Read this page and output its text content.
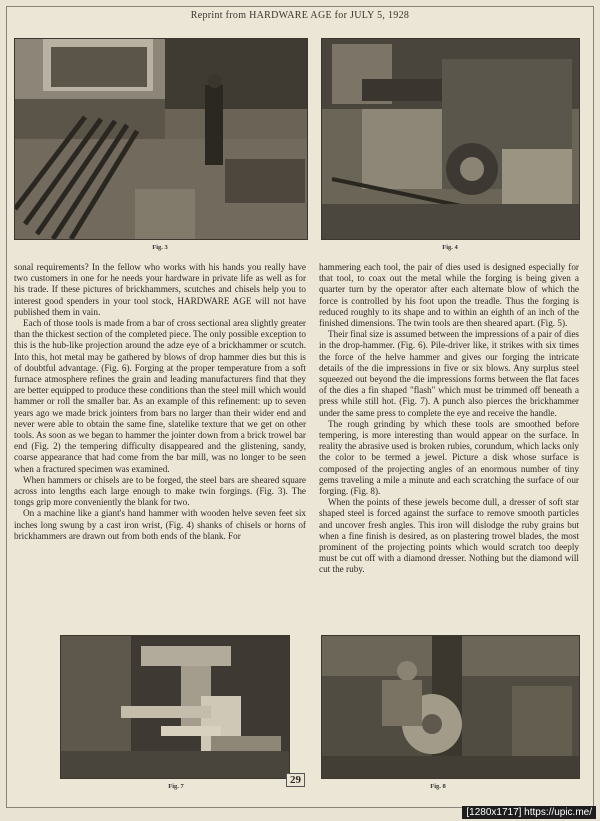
Reprint from HARDWARE AGE for JULY 5, 1928
Fig. 3	Fig. 4

sonal requirements? In the fellow who works with his hands you really have two customers in one for he needs your hardware in private life as well as for his trade. If these pictures of brickhammers, scutches and chisels help you to interest good spenders in your tool stock, HARDWARE AGE will not have published them in vain.

Each of those tools is made from a bar of cross sectional area slightly greater than the thickest section of the completed piece. The only possible exception to this is the hub-like projection around the adze eye of a brickhammer or scutch. Into this, hot metal may be gathered by blows of drop hammer dies but this is of doubtful advantage. (Fig. 6). Forging at the proper temperature from a soft furnace atmosphere refines the grain and leading manufacturers find that they are better equipped to produce these conditions than the steel mill which would hammer or roll the smaller bar. As an example of this refinement: up to seven years ago we made brick jointers from bars no larger than their wider end and never were able to obtain the same fine, slatelike texture that we get on other tools. As soon as we began to hammer the jointer down from a brick trowel bar end (Fig. 2) the tempering difficulty disappeared and the glistening, sandy, coarse appearance that had come from the bar mill, was no longer to be seen when a fractured specimen was examined.

When hammers or chisels are to be forged, the steel bars are sheared square across into lengths each large enough to make twin forgings. (Fig. 3). The tongs grip more conveniently the blank for two.

On a machine like a giant's hand hammer with wooden helve seven feet six inches long swung by a cast iron wrist, (Fig. 4) shanks of chisels or horns of brickhammers are drawn out from both ends of the blank. For

hammering each tool, the pair of dies used is designed especially for that tool, to coax out the metal while the forging is being given a quarter turn by the operator after each alternate blow of which the force is controlled by his foot upon the treadle. Thus the forging is reduced roughly to its shape and to within an eighth of an inch of the finished dimensions. The twin tools are then sheared apart. (Fig. 5).

Their final size is assumed between the impressions of a pair of dies in the drop-hammer. (Fig. 6). Pile-driver like, it strikes with six times the force of the helve hammer and gives our forging the intricate details of the die impressions in five or six blows. Any surplus steel squeezed out beyond the die impressions forms between the flat faces of the dies a fin shaped "flash" which must be trimmed off beneath a press while still hot. (Fig. 7). A punch also pierces the brickhammer under the same press to complete the eye and receive the handle.

The rough grinding by which these tools are smoothed before tempering, is more interesting than would appear on the surface. In reality the abrasive used is broken rubies, corundum, which lacks only the color to be termed a jewel. Picture a disk whose surface is composed of the projecting angles of an enormous number of tiny gems traveling a mile a minute and each scratching the surface of our forging. (Fig. 8).

When the points of these jewels become dull, a dresser of soft star shaped steel is forced against the surface to remove smooth particles and uncover fresh angles. This iron will dislodge the ruby grains but when a fine finish is desired, as on plastering trowel blades, the most prominent of the projecting points which would scratch too deeply must be cut off with a diamond dresser. Nothing but the diamond will cut the ruby.

Fig. 7	Fig. 8
29
[1280x1717] https://upic.me/
